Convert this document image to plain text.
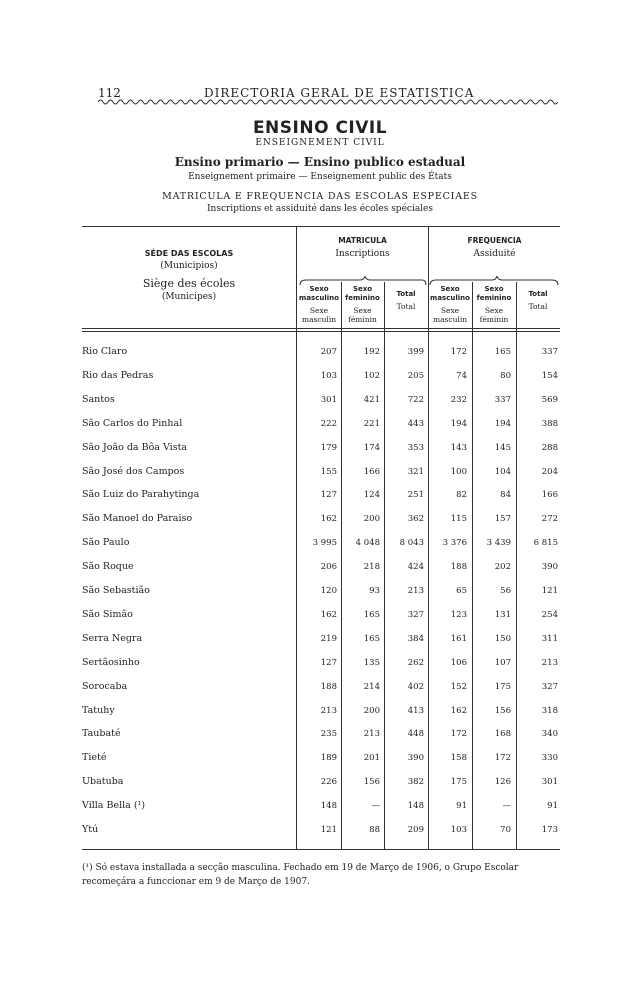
112	DIRECTORIA GERAL DE ESTATISTICA
ENSINO CIVIL
ENSEIGNEMENT CIVIL
Ensino primario — Ensino publico estadual
Enseignement primaire — Enseignement public des États
MATRICULA E FREQUENCIA DAS ESCOLAS ESPECIAES
Inscriptions et assiduité dans les écoles spéciales
SÉDE DAS ESCOLAS
(Municipios)
Siège des écoles
(Municipes)
MATRICULA
Inscriptions
FREQUENCIA
Assiduité
Sexo
masculino
Sexe
masculin
Sexo
feminino
Sexe
féminin
Total
Total
Sexo
masculino
Sexe
masculin
Sexo
feminino
Sexe
féminin
Total
Total
Rio Claro	207	192	399	172	165	337
Rio das Pedras	103	102	205	74	80	154
Santos	301	421	722	232	337	569
São Carlos do Pinhal	222	221	443	194	194	388
São João da Bôa Vista	179	174	353	143	145	288
São José dos Campos	155	166	321	100	104	204
São Luiz do Parahytinga	127	124	251	82	84	166
São Manoel do Paraiso	162	200	362	115	157	272
São Paulo	3 995	4 048	8 043	3 376	3 439	6 815
São Roque	206	218	424	188	202	390
São Sebastião	120	93	213	65	56	121
São Simão	162	165	327	123	131	254
Serra Negra	219	165	384	161	150	311
Sertãosinho	127	135	262	106	107	213
Sorocaba	188	214	402	152	175	327
Tatuhy	213	200	413	162	156	318
Taubaté	235	213	448	172	168	340
Tieté	189	201	390	158	172	330
Ubatuba	226	156	382	175	126	301
Villa Bella (¹)	148	—	148	91	—	91
Ytú	121	88	209	103	70	173
(¹) Só estava installada a secção masculina. Fechado em 19 de Março de 1906, o Grupo Escolar recomeçára a funccionar em 9 de Março de 1907.
